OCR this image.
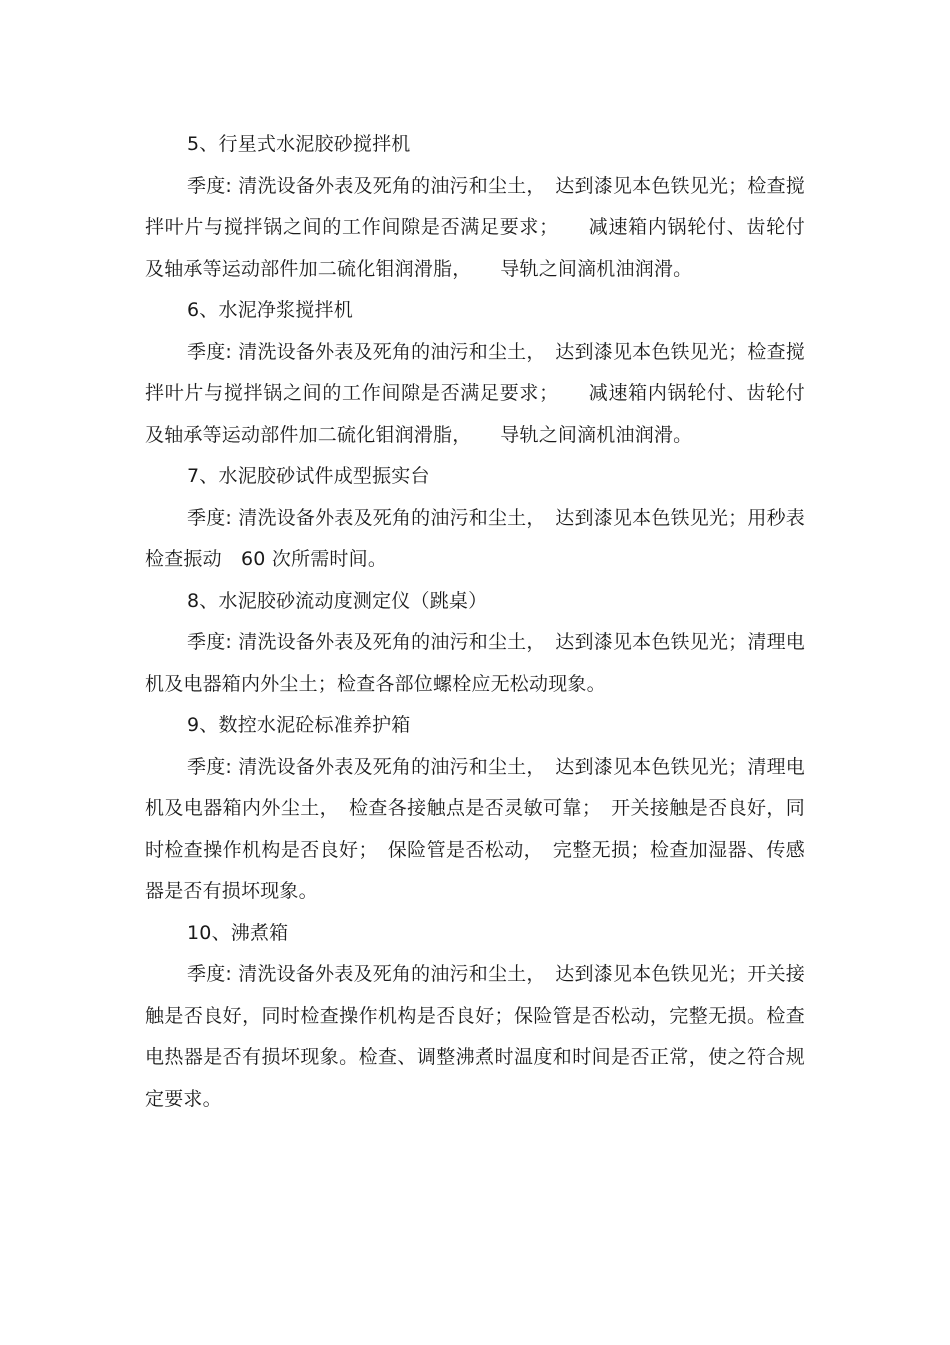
5、行星式水泥胶砂搅拌机

季度: 清洗设备外表及死角的油污和尘土，　达到漆见本色铁见光；检查搅拌叶片与搅拌锅之间的工作间隙是否满足要求；　　减速箱内锅轮付、齿轮付及轴承等运动部件加二硫化钼润滑脂，　　导轨之间滴机油润滑。

6、水泥净浆搅拌机

季度: 清洗设备外表及死角的油污和尘土，　达到漆见本色铁见光；检查搅拌叶片与搅拌锅之间的工作间隙是否满足要求；　　减速箱内锅轮付、齿轮付及轴承等运动部件加二硫化钼润滑脂，　　导轨之间滴机油润滑。

7、水泥胶砂试件成型振实台

季度: 清洗设备外表及死角的油污和尘土，　达到漆见本色铁见光；用秒表检查振动　60 次所需时间。

8、水泥胶砂流动度测定仪（跳桌）

季度: 清洗设备外表及死角的油污和尘土，　达到漆见本色铁见光；清理电机及电器箱内外尘土；检查各部位螺栓应无松动现象。

9、数控水泥砼标准养护箱

季度: 清洗设备外表及死角的油污和尘土，　达到漆见本色铁见光；清理电机及电器箱内外尘土，　检查各接触点是否灵敏可靠；　开关接触是否良好，同时检查操作机构是否良好；　保险管是否松动，　完整无损；检查加湿器、传感器是否有损坏现象。

10、沸煮箱

季度: 清洗设备外表及死角的油污和尘土，　达到漆见本色铁见光；开关接触是否良好，同时检查操作机构是否良好；保险管是否松动，完整无损。检查电热器是否有损坏现象。检查、调整沸煮时温度和时间是否正常，使之符合规定要求。
